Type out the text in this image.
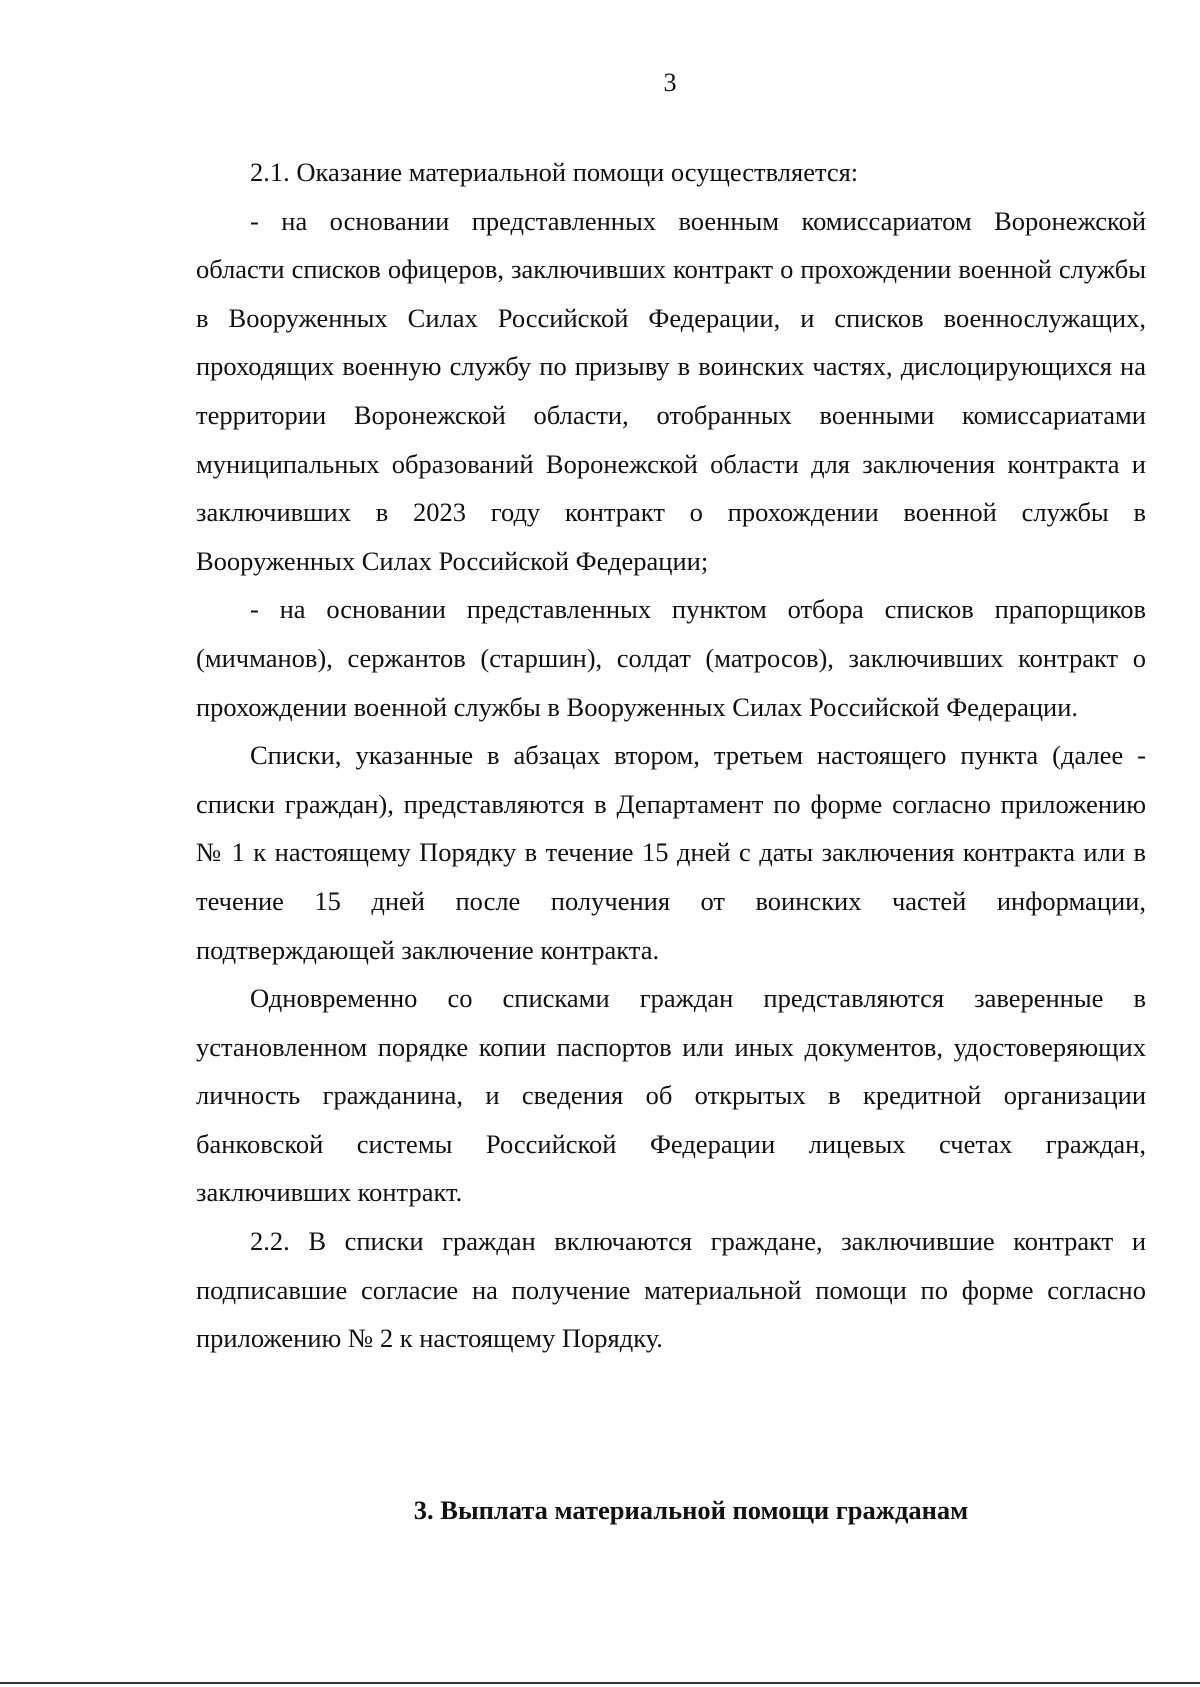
3

2.1. Оказание материальной помощи осуществляется:

- на основании представленных военным комиссариатом Воронежской области списков офицеров, заключивших контракт о прохождении военной службы в Вооруженных Силах Российской Федерации, и списков военнослужащих, проходящих военную службу по призыву в воинских частях, дислоцирующихся на территории Воронежской области, отобранных военными комиссариатами муниципальных образований Воронежской области для заключения контракта и заключивших в 2023 году контракт о прохождении военной службы в Вооруженных Силах Российской Федерации;

- на основании представленных пунктом отбора списков прапорщиков (мичманов), сержантов (старшин), солдат (матросов), заключивших контракт о прохождении военной службы в Вооруженных Силах Российской Федерации.

Списки, указанные в абзацах втором, третьем настоящего пункта (далее - списки граждан), представляются в Департамент по форме согласно приложению № 1 к настоящему Порядку в течение 15 дней с даты заключения контракта или в течение 15 дней после получения от воинских частей информации, подтверждающей заключение контракта.

Одновременно со списками граждан представляются заверенные в установленном порядке копии паспортов или иных документов, удостоверяющих личность гражданина, и сведения об открытых в кредитной организации банковской системы Российской Федерации лицевых счетах граждан, заключивших контракт.

2.2. В списки граждан включаются граждане, заключившие контракт и подписавшие согласие на получение материальной помощи по форме согласно приложению № 2 к настоящему Порядку.

3. Выплата материальной помощи гражданам
